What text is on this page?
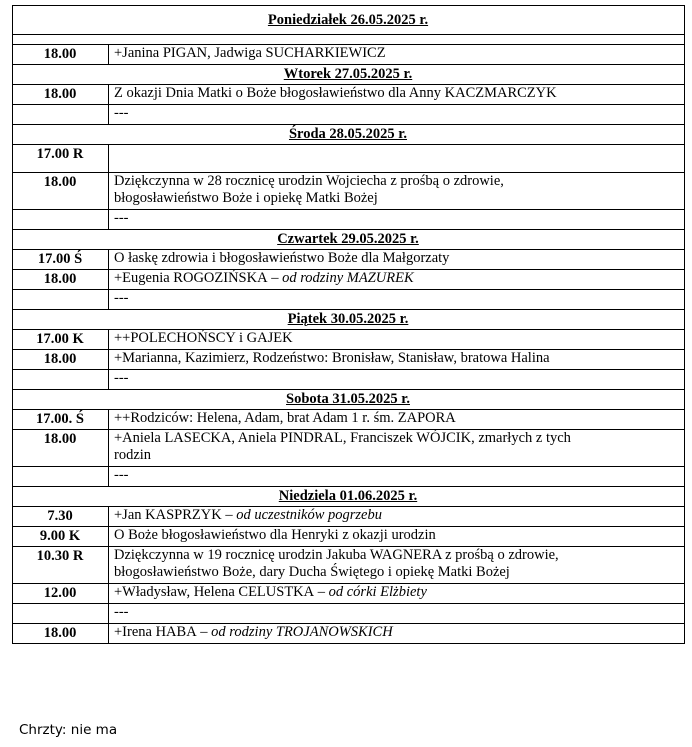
Poniedziałek 26.05.2025 r.	

18.00	+Janina PIGAN, Jadwiga SUCHARKIEWICZ

Wtorek 27.05.2025 r.	

18.00	Z okazji Dnia Matki o Boże błogosławieństwo dla Anny KACZMARCZYK

	---

Środa 28.05.2025 r.	

17.00 R	

18.00	Dziękczynna w 28 rocznicę urodzin Wojciecha z prośbą o zdrowie,
błogosławieństwo Boże i opiekę Matki Bożej

	---

Czwartek 29.05.2025 r.	

17.00 Ś	O łaskę zdrowia i błogosławieństwo Boże dla Małgorzaty

18.00	+Eugenia ROGOZIŃSKA – od rodziny MAZUREK

	---

Piątek 30.05.2025 r.	

17.00 K	++POLECHOŃSCY i GAJEK

18.00	+Marianna, Kazimierz, Rodzeństwo: Bronisław, Stanisław, bratowa Halina

	---

Sobota 31.05.2025 r.	

17.00. Ś	++Rodziców: Helena, Adam, brat Adam 1 r. śm. ZAPORA

18.00	+Aniela LASECKA, Aniela PINDRAL, Franciszek WÓJCIK, zmarłych z tych
rodzin

	---

Niedziela 01.06.2025 r.	

7.30	+Jan KASPRZYK – od uczestników pogrzebu

9.00 K	O Boże błogosławieństwo dla Henryki z okazji urodzin

10.30 R	Dziękczynna w 19 rocznicę urodzin Jakuba WAGNERA z prośbą o zdrowie,
błogosławieństwo Boże, dary Ducha Świętego i opiekę Matki Bożej

12.00	+Władysław, Helena CELUSTKA – od córki Elżbiety

	---

18.00	+Irena HABA – od rodziny TROJANOWSKICH
Chrzty: nie ma
